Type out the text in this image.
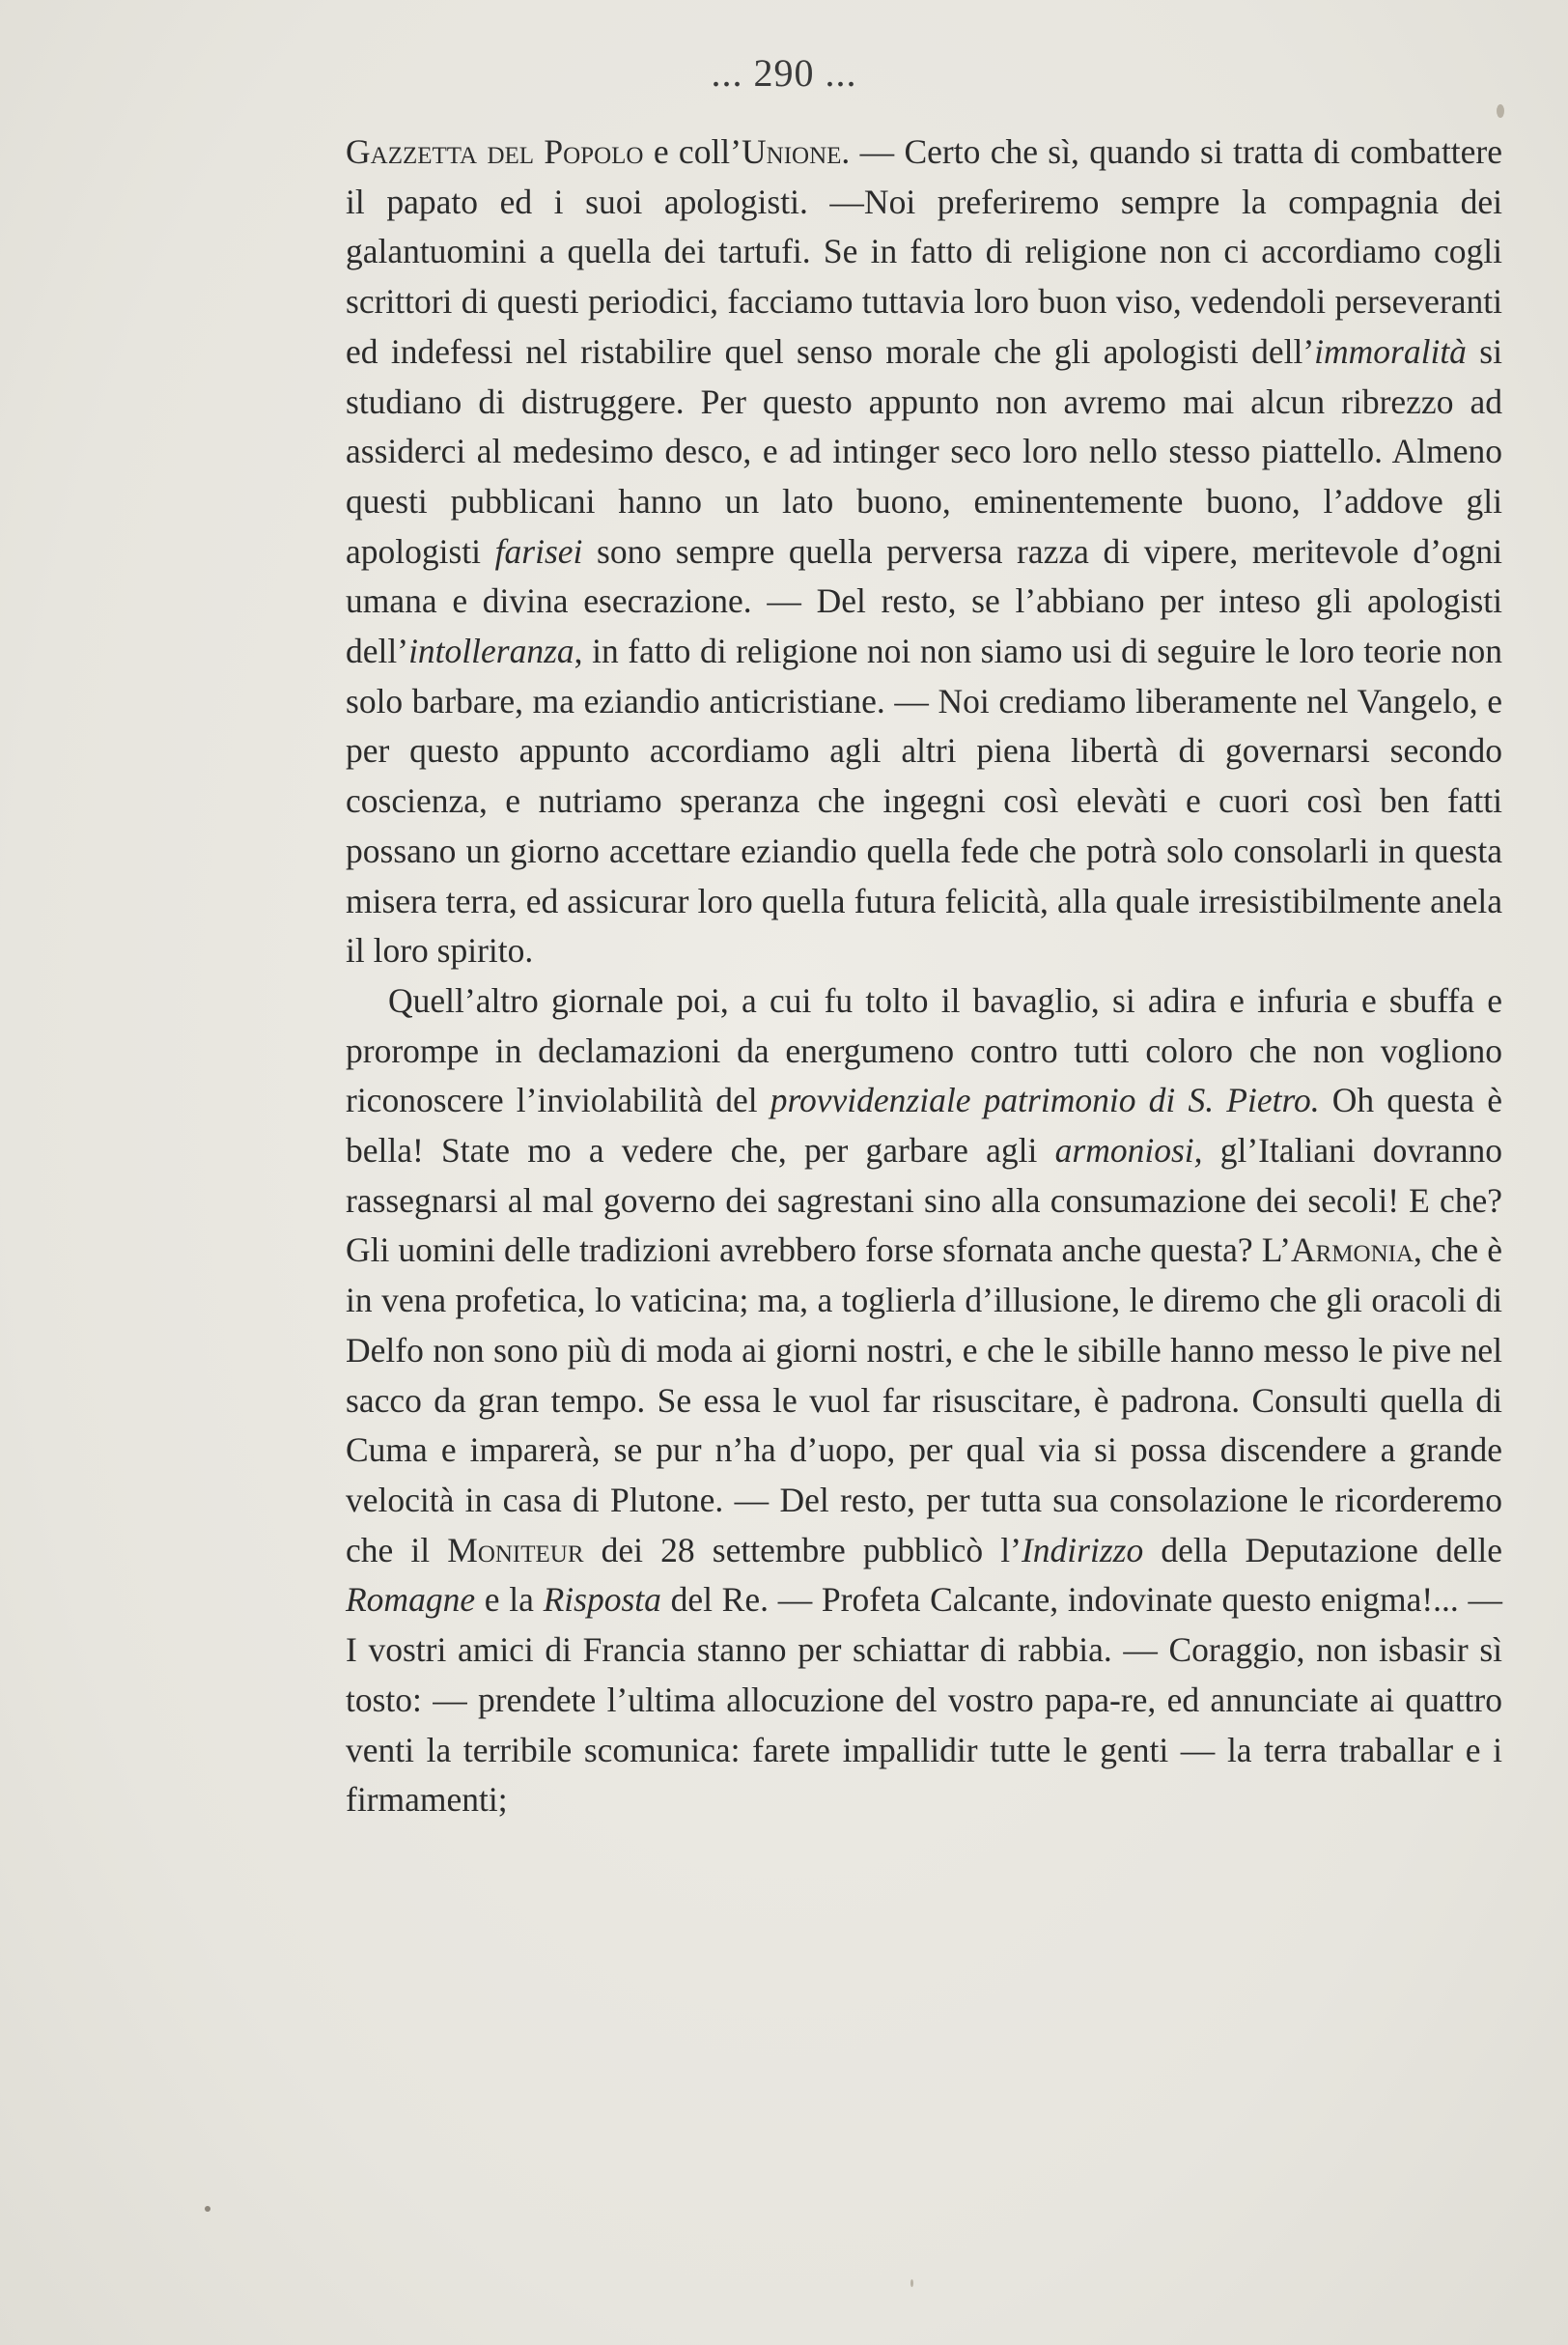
... 290 ...

Gazzetta del Popolo e coll’Unione. — Certo che sì, quando si tratta di combattere il papato ed i suoi apologisti. —Noi preferiremo sempre la compagnia dei galantuomini a quella dei tartufi. Se in fatto di religione non ci accordiamo cogli scrittori di questi periodici, facciamo tuttavia loro buon viso, vedendoli perseveranti ed indefessi nel ristabilire quel senso morale che gli apologisti dell’immoralità si studiano di distruggere. Per questo appunto non avremo mai alcun ribrezzo ad assiderci al medesimo desco, e ad intinger seco loro nello stesso piattello. Almeno questi pubblicani hanno un lato buono, eminentemente buono, l’addove gli apologisti farisei sono sempre quella perversa razza di vipere, meritevole d’ogni umana e divina esecrazione. — Del resto, se l’abbiano per inteso gli apologisti dell’intolleranza, in fatto di religione noi non siamo usi di seguire le loro teorie non solo barbare, ma eziandio anticristiane. — Noi crediamo liberamente nel Vangelo, e per questo appunto accordiamo agli altri piena libertà di governarsi secondo coscienza, e nutriamo speranza che ingegni così elevàti e cuori così ben fatti possano un giorno accettare eziandio quella fede che potrà solo consolarli in questa misera terra, ed assicurar loro quella futura felicità, alla quale irresistibilmente anela il loro spirito.

Quell’altro giornale poi, a cui fu tolto il bavaglio, si adira e infuria e sbuffa e prorompe in declamazioni da energumeno contro tutti coloro che non vogliono riconoscere l’inviolabilità del provvidenziale patrimonio di S. Pietro. Oh questa è bella! State mo a vedere che, per garbare agli armoniosi, gl’Italiani dovranno rassegnarsi al mal governo dei sagrestani sino alla consumazione dei secoli! E che? Gli uomini delle tradizioni avrebbero forse sfornata anche questa? L’Armonia, che è in vena profetica, lo vaticina; ma, a toglierla d’illusione, le diremo che gli oracoli di Delfo non sono più di moda ai giorni nostri, e che le sibille hanno messo le pive nel sacco da gran tempo. Se essa le vuol far risuscitare, è padrona. Consulti quella di Cuma e imparerà, se pur n’ha d’uopo, per qual via si possa discendere a grande velocità in casa di Plutone. — Del resto, per tutta sua consolazione le ricorderemo che il Moniteur dei 28 settembre pubblicò l’Indirizzo della Deputazione delle Romagne e la Risposta del Re. — Profeta Calcante, indovinate questo enigma!... — I vostri amici di Francia stanno per schiattar di rabbia. — Coraggio, non isbasir sì tosto: — prendete l’ultima allocuzione del vostro papa-re, ed annunciate ai quattro venti la terribile scomunica: farete impallidir tutte le genti — la terra traballar e i firmamenti;
